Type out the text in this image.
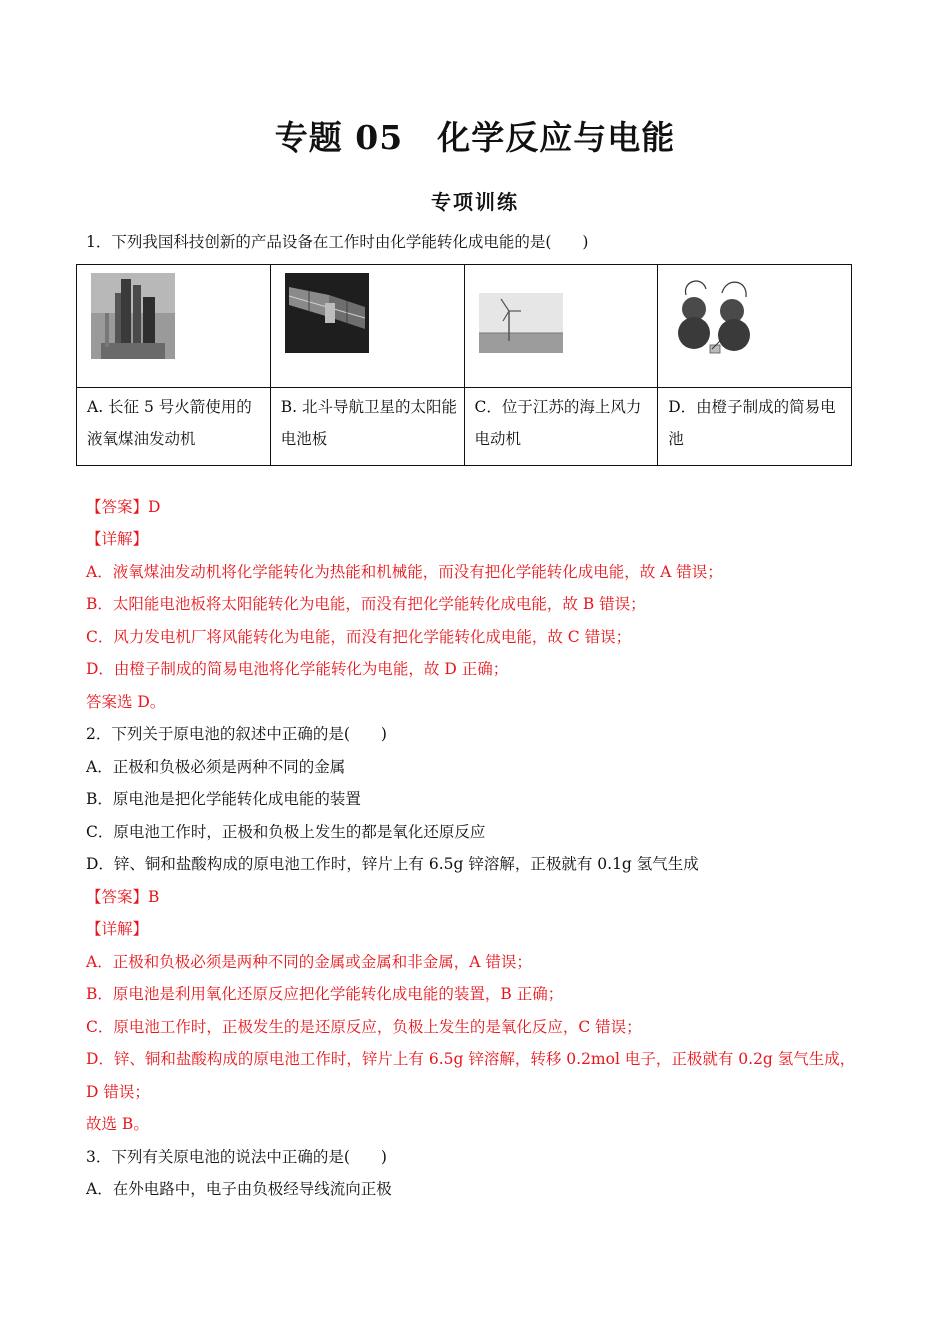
专题 05　化学反应与电能
专项训练
1．下列我国科技创新的产品设备在工作时由化学能转化成电能的是(　　)

A. 长征 5 号火箭使用的液氧煤油发动机	B. 北斗导航卫星的太阳能电池板	C．位于江苏的海上风力电动机	D．由橙子制成的简易电池
【答案】D
【详解】
A．液氧煤油发动机将化学能转化为热能和机械能，而没有把化学能转化成电能，故 A 错误；
B．太阳能电池板将太阳能转化为电能，而没有把化学能转化成电能，故 B 错误；
C．风力发电机厂将风能转化为电能，而没有把化学能转化成电能，故 C 错误；
D．由橙子制成的简易电池将化学能转化为电能，故 D 正确；
答案选 D。
2．下列关于原电池的叙述中正确的是(　　)
A．正极和负极必须是两种不同的金属
B．原电池是把化学能转化成电能的装置
C．原电池工作时，正极和负极上发生的都是氧化还原反应
D．锌、铜和盐酸构成的原电池工作时，锌片上有 6.5g 锌溶解，正极就有 0.1g 氢气生成
【答案】B
【详解】
A．正极和负极必须是两种不同的金属或金属和非金属，A 错误；
B．原电池是利用氧化还原反应把化学能转化成电能的装置，B 正确；
C．原电池工作时，正极发生的是还原反应，负极上发生的是氧化反应，C 错误；
D．锌、铜和盐酸构成的原电池工作时，锌片上有 6.5g 锌溶解，转移 0.2mol 电子，正极就有 0.2g 氢气生成，
D 错误；
故选 B。
3．下列有关原电池的说法中正确的是(　　)
A．在外电路中，电子由负极经导线流向正极
